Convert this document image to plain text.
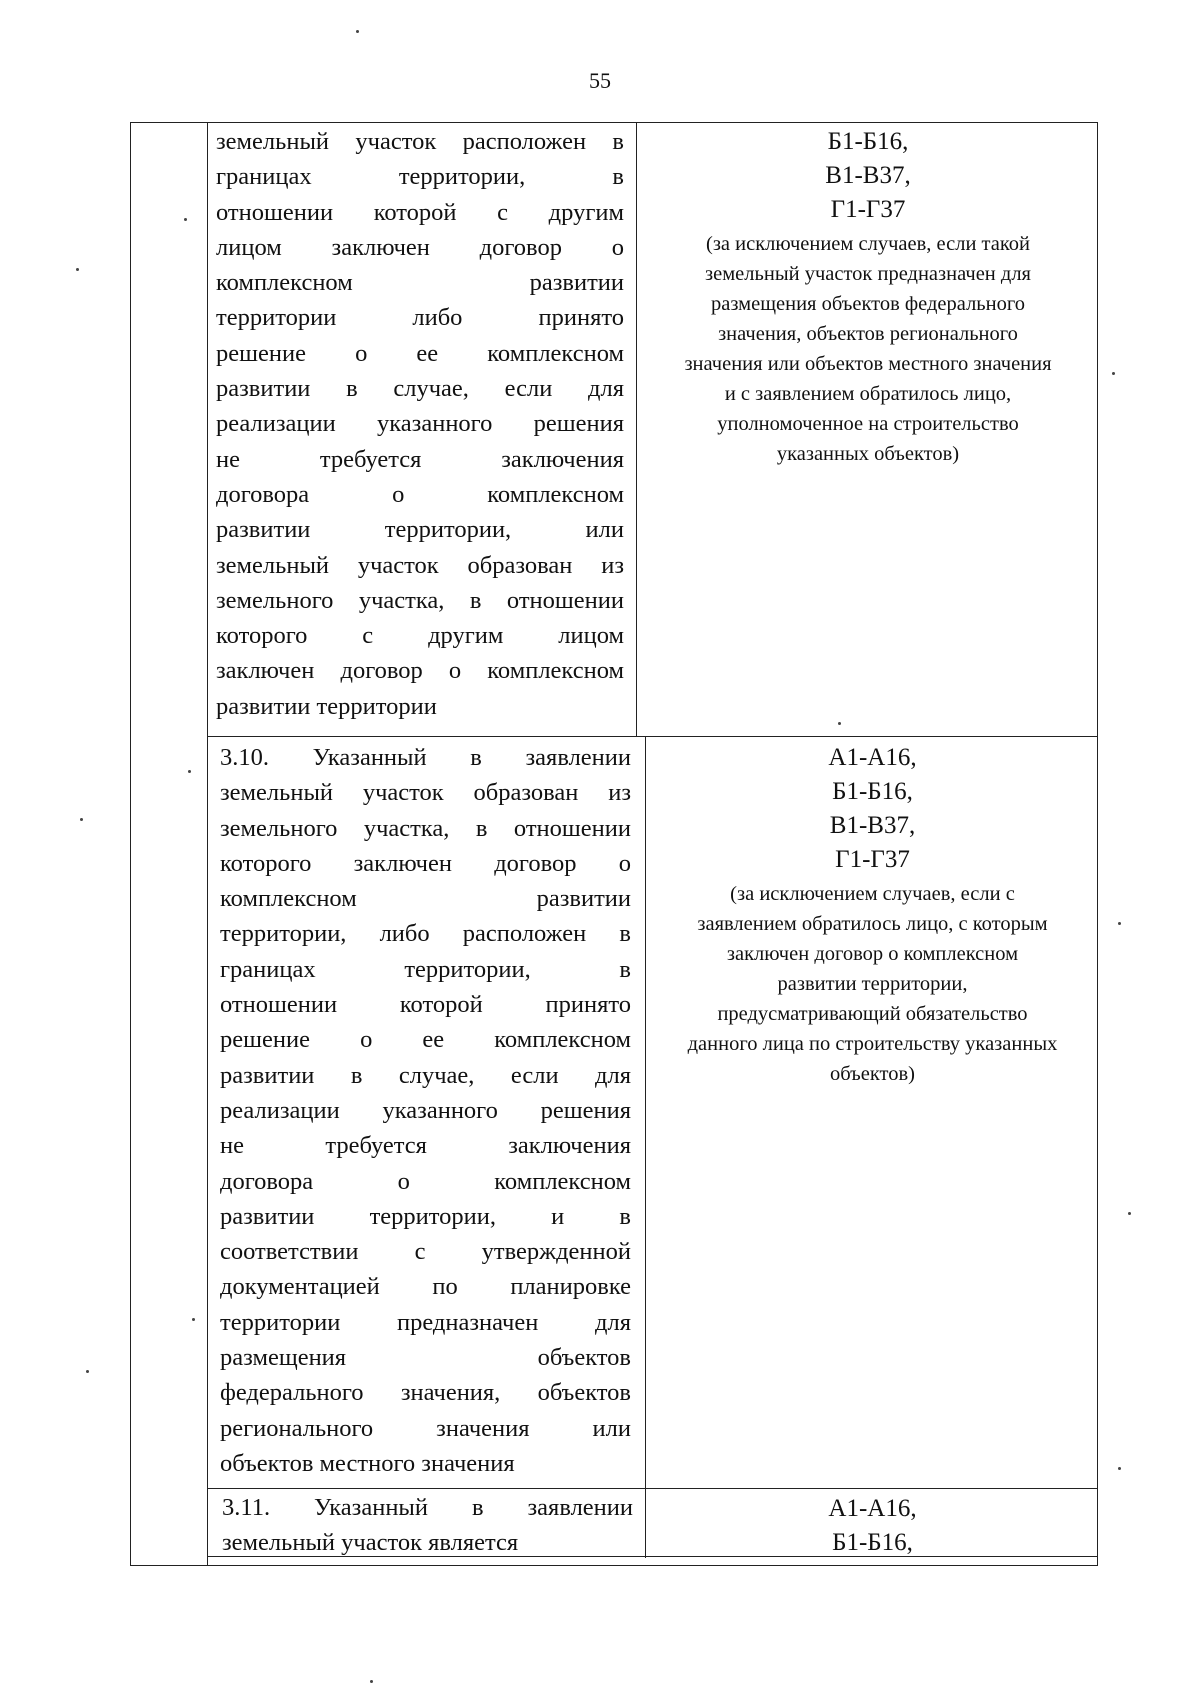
55
земельный участок расположен в
границах территории, в
отношении которой с другим
лицом заключен договор о
комплексном развитии
территории либо принято
решение о ее комплексном
развитии в случае, если для
реализации указанного решения
не требуется заключения
договора о комплексном
развитии территории, или
земельный участок образован из
земельного участка, в отношении
которого с другим лицом
заключен договор о комплексном
развитии территории
Б1-Б16,
В1-В37,
Г1-Г37
(за исключением случаев, если такой
земельный участок предназначен для
размещения объектов федерального
значения, объектов регионального
значения или объектов местного значения
и с заявлением обратилось лицо,
уполномоченное на строительство
указанных объектов)
3.10. Указанный в заявлении
земельный участок образован из
земельного участка, в отношении
которого заключен договор о
комплексном развитии
территории, либо расположен в
границах территории, в
отношении которой принято
решение о ее комплексном
развитии в случае, если для
реализации указанного решения
не требуется заключения
договора о комплексном
развитии территории, и в
соответствии с утвержденной
документацией по планировке
территории предназначен для
размещения объектов
федерального значения, объектов
регионального значения или
объектов местного значения
А1-А16,
Б1-Б16,
В1-В37,
Г1-Г37
(за исключением случаев, если с
заявлением обратилось лицо, с которым
заключен договор о комплексном
развитии территории,
предусматривающий обязательство
данного лица по строительству указанных
объектов)
3.11. Указанный в заявлении
земельный участок является
А1-А16,
Б1-Б16,
